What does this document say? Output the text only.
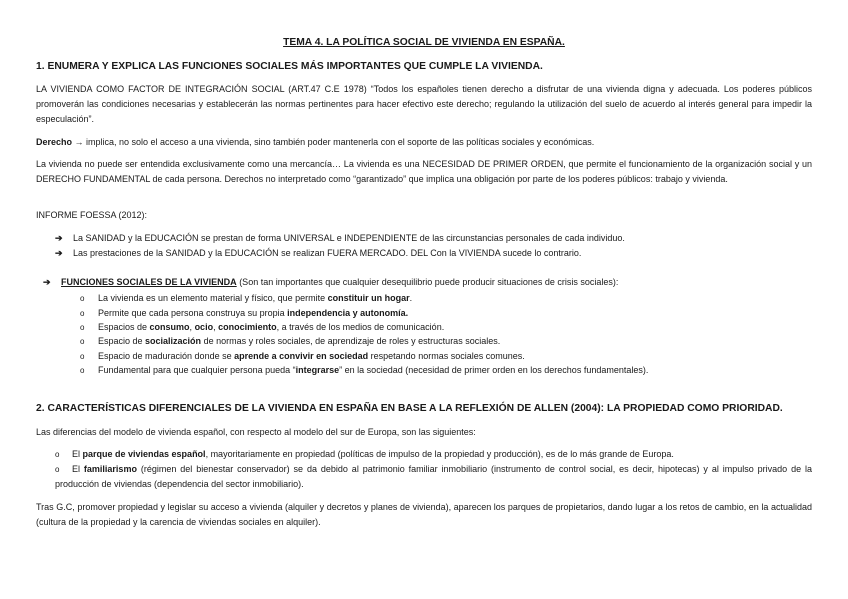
TEMA 4. LA POLÍTICA SOCIAL DE VIVIENDA EN ESPAÑA.
1. ENUMERA Y EXPLICA LAS FUNCIONES SOCIALES MÁS IMPORTANTES QUE CUMPLE LA VIVIENDA.

LA VIVIENDA COMO FACTOR DE INTEGRACIÓN SOCIAL (ART.47 C.E 1978) “Todos los españoles tienen derecho a disfrutar de una vivienda digna y adecuada. Los poderes públicos promoverán las condiciones necesarias y establecerán las normas pertinentes para hacer efectivo este derecho; regulando la utilización del suelo de acuerdo al interés general para impedir la especulación”.

Derecho → implica, no solo el acceso a una vivienda, sino también poder mantenerla con el soporte de las políticas sociales y económicas.

La vivienda no puede ser entendida exclusivamente como una mercancía… La vivienda es una NECESIDAD DE PRIMER ORDEN, que permite el funcionamiento de la organización social y un DERECHO FUNDAMENTAL de cada persona. Derechos no interpretado como “garantizado” que implica una obligación por parte de los poderes públicos: trabajo y vivienda.

INFORME FOESSA (2012):

➔ La SANIDAD y la EDUCACIÓN se prestan de forma UNIVERSAL e INDEPENDIENTE de las circunstancias personales de cada individuo.
➔ Las prestaciones de la SANIDAD y la EDUCACIÓN se realizan FUERA MERCADO. DEL Con la VIVIENDA sucede lo contrario.
➔ FUNCIONES SOCIALES DE LA VIVIENDA (Son tan importantes que cualquier desequilibrio puede producir situaciones de crisis sociales):
o La vivienda es un elemento material y físico, que permite constituir un hogar.
o Permite que cada persona construya su propia independencia y autonomía.
o Espacios de consumo, ocio, conocimiento, a través de los medios de comunicación.
o Espacio de socialización de normas y roles sociales, de aprendizaje de roles y estructuras sociales.
o Espacio de maduración donde se aprende a convivir en sociedad respetando normas sociales comunes.
o Fundamental para que cualquier persona pueda “integrarse” en la sociedad (necesidad de primer orden en los derechos fundamentales).
2. CARACTERÍSTICAS DIFERENCIALES DE LA VIVIENDA EN ESPAÑA EN BASE A LA REFLEXIÓN DE ALLEN (2004): LA PROPIEDAD COMO PRIORIDAD.

Las diferencias del modelo de vivienda español, con respecto al modelo del sur de Europa, son las siguientes:

o El parque de viviendas español, mayoritariamente en propiedad (políticas de impulso de la propiedad y producción), es de lo más grande de Europa.
o El familiarismo (régimen del bienestar conservador) se da debido al patrimonio familiar inmobiliario (instrumento de control social, es decir, hipotecas) y al impulso privado de la producción de viviendas (dependencia del sector inmobiliario).

Tras G.C, promover propiedad y legislar su acceso a vivienda (alquiler y decretos y planes de vivienda), aparecen los parques de propietarios, dando lugar a los retos de cambio, en la actualidad (cultura de la propiedad y la carencia de viviendas sociales en alquiler).
